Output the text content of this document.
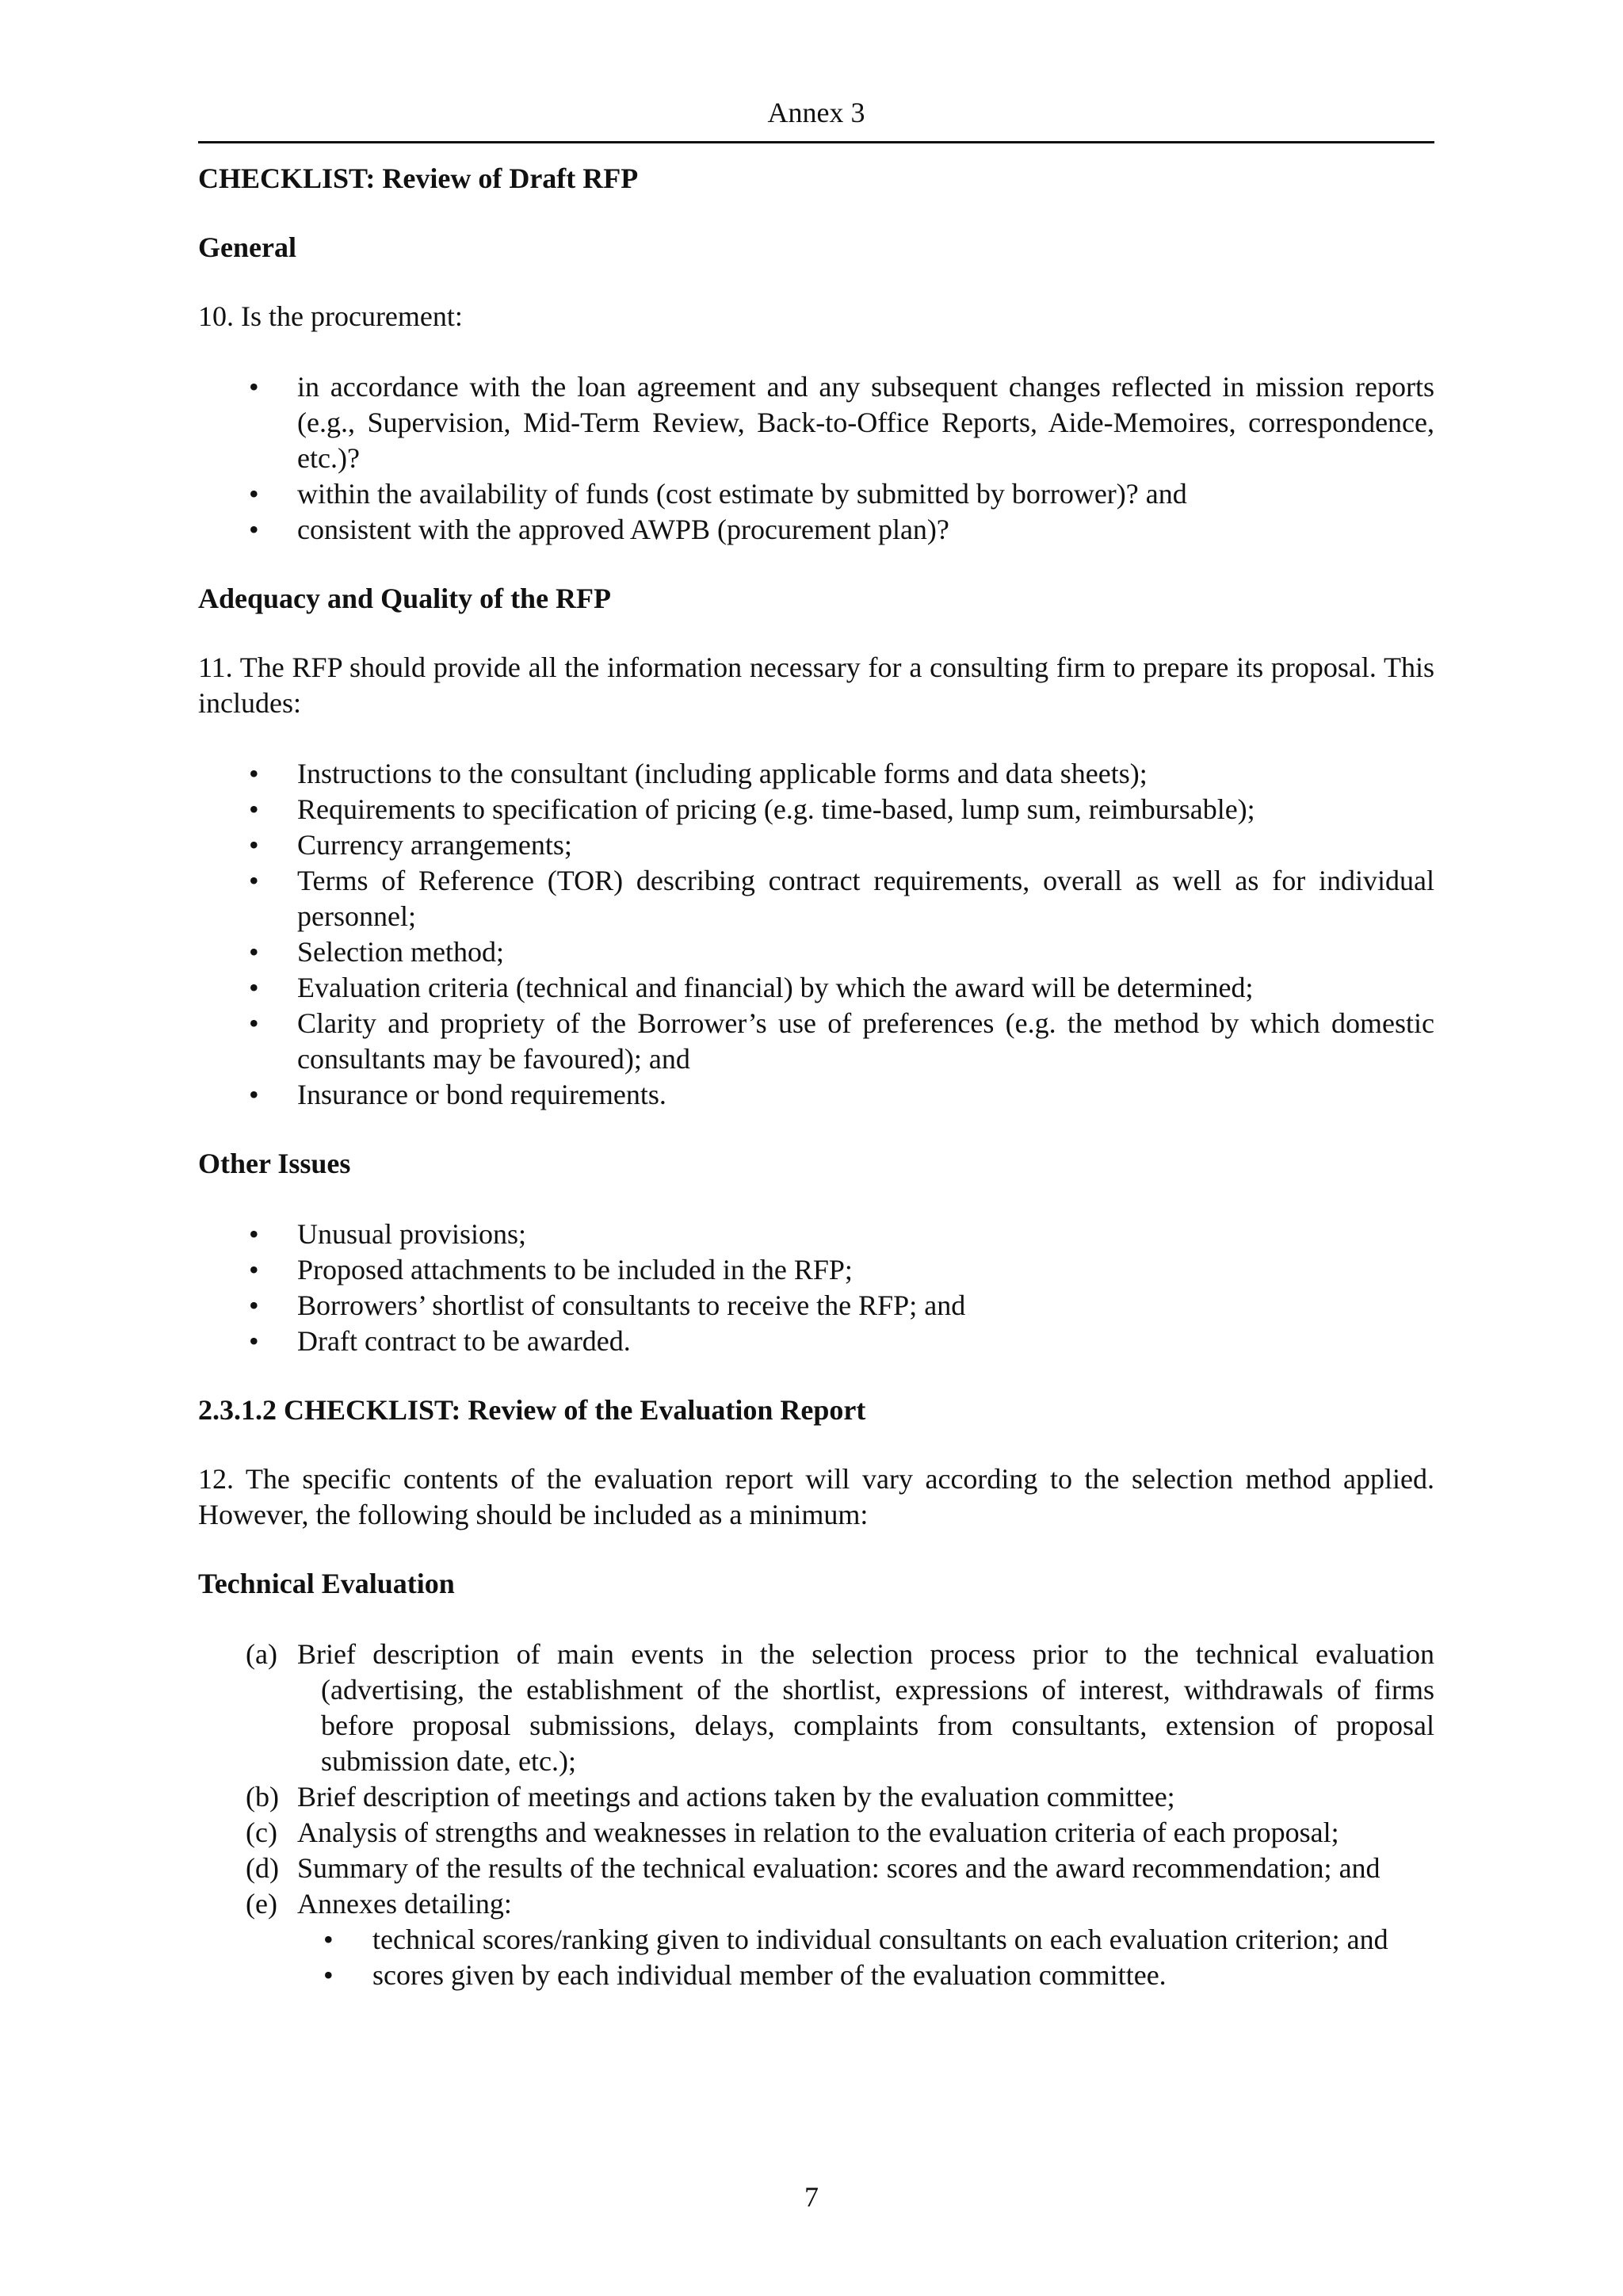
Annex 3

CHECKLIST: Review of Draft RFP

General

10. Is the procurement:

• in accordance with the loan agreement and any subsequent changes reflected in mission reports (e.g., Supervision, Mid-Term Review, Back-to-Office Reports, Aide-Memoires, correspondence, etc.)?
• within the availability of funds (cost estimate by submitted by borrower)? and
• consistent with the approved AWPB (procurement plan)?

Adequacy and Quality of the RFP

11. The RFP should provide all the information necessary for a consulting firm to prepare its proposal. This includes:

• Instructions to the consultant (including applicable forms and data sheets);
• Requirements to specification of pricing (e.g. time-based, lump sum, reimbursable);
• Currency arrangements;
• Terms of Reference (TOR) describing contract requirements, overall as well as for individual personnel;
• Selection method;
• Evaluation criteria (technical and financial) by which the award will be determined;
• Clarity and propriety of the Borrower’s use of preferences (e.g. the method by which domestic consultants may be favoured); and
• Insurance or bond requirements.

Other Issues

• Unusual provisions;
• Proposed attachments to be included in the RFP;
• Borrowers’ shortlist of consultants to receive the RFP; and
• Draft contract to be awarded.

2.3.1.2 CHECKLIST: Review of the Evaluation Report

12. The specific contents of the evaluation report will vary according to the selection method applied. However, the following should be included as a minimum:

Technical Evaluation

(a) Brief description of main events in the selection process prior to the technical evaluation (advertising, the establishment of the shortlist, expressions of interest, withdrawals of firms before proposal submissions, delays, complaints from consultants, extension of proposal submission date, etc.);
(b) Brief description of meetings and actions taken by the evaluation committee;
(c) Analysis of strengths and weaknesses in relation to the evaluation criteria of each proposal;
(d) Summary of the results of the technical evaluation: scores and the award recommendation; and
(e) Annexes detailing:
• technical scores/ranking given to individual consultants on each evaluation criterion; and
• scores given by each individual member of the evaluation committee.
7
